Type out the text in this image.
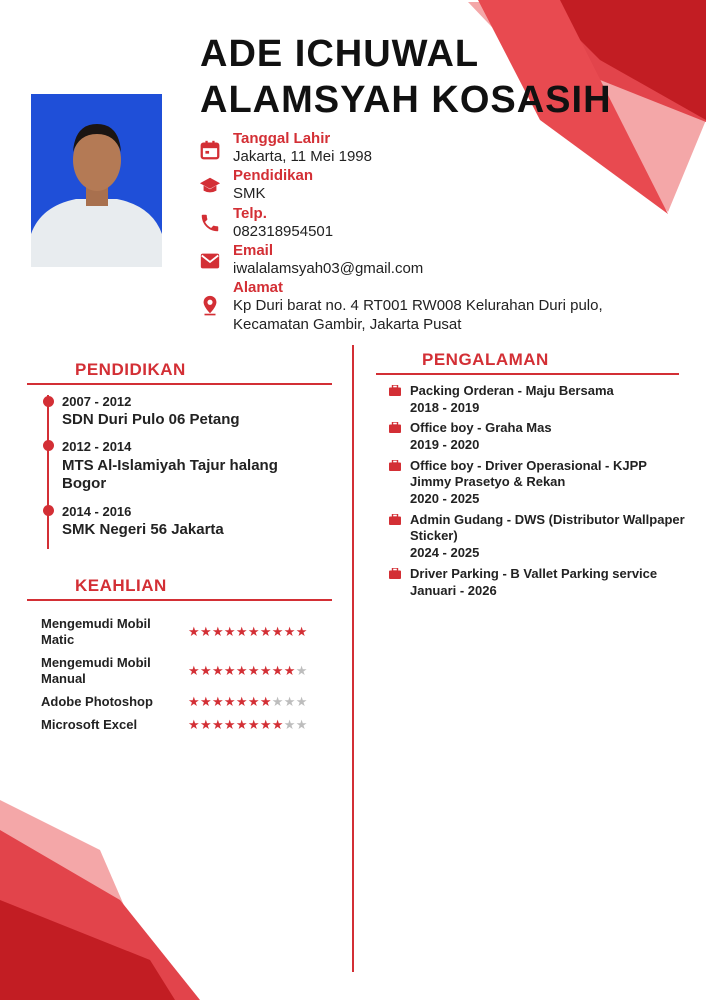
ADE ICHUWAL
ALAMSYAH KOSASIH
Tanggal Lahir
Jakarta, 11 Mei 1998
Pendidikan
SMK
Telp.
082318954501
Email
iwalalamsyah03@gmail.com
Alamat
Kp Duri barat no. 4 RT001 RW008 Kelurahan Duri pulo,
Kecamatan Gambir, Jakarta Pusat
PENDIDIKAN
2007 - 2012
SDN Duri Pulo 06 Petang
2012 - 2014
MTS Al-Islamiyah Tajur halang Bogor
2014 - 2016
SMK Negeri 56 Jakarta
KEAHLIAN
Mengemudi Mobil Matic
★★★★★★★★★★
Mengemudi Mobil Manual
★★★★★★★★★★
Adobe Photoshop	★★★★★★★★★★
Microsoft Excel	★★★★★★★★★★
PENGALAMAN
Packing Orderan - Maju Bersama
2018 - 2019
Office boy - Graha Mas
2019 - 2020
Office boy - Driver Operasional - KJPP Jimmy Prasetyo & Rekan
2020 - 2025
Admin Gudang - DWS (Distributor Wallpaper Sticker)
2024 - 2025
Driver Parking - B Vallet Parking service
Januari - 2026
